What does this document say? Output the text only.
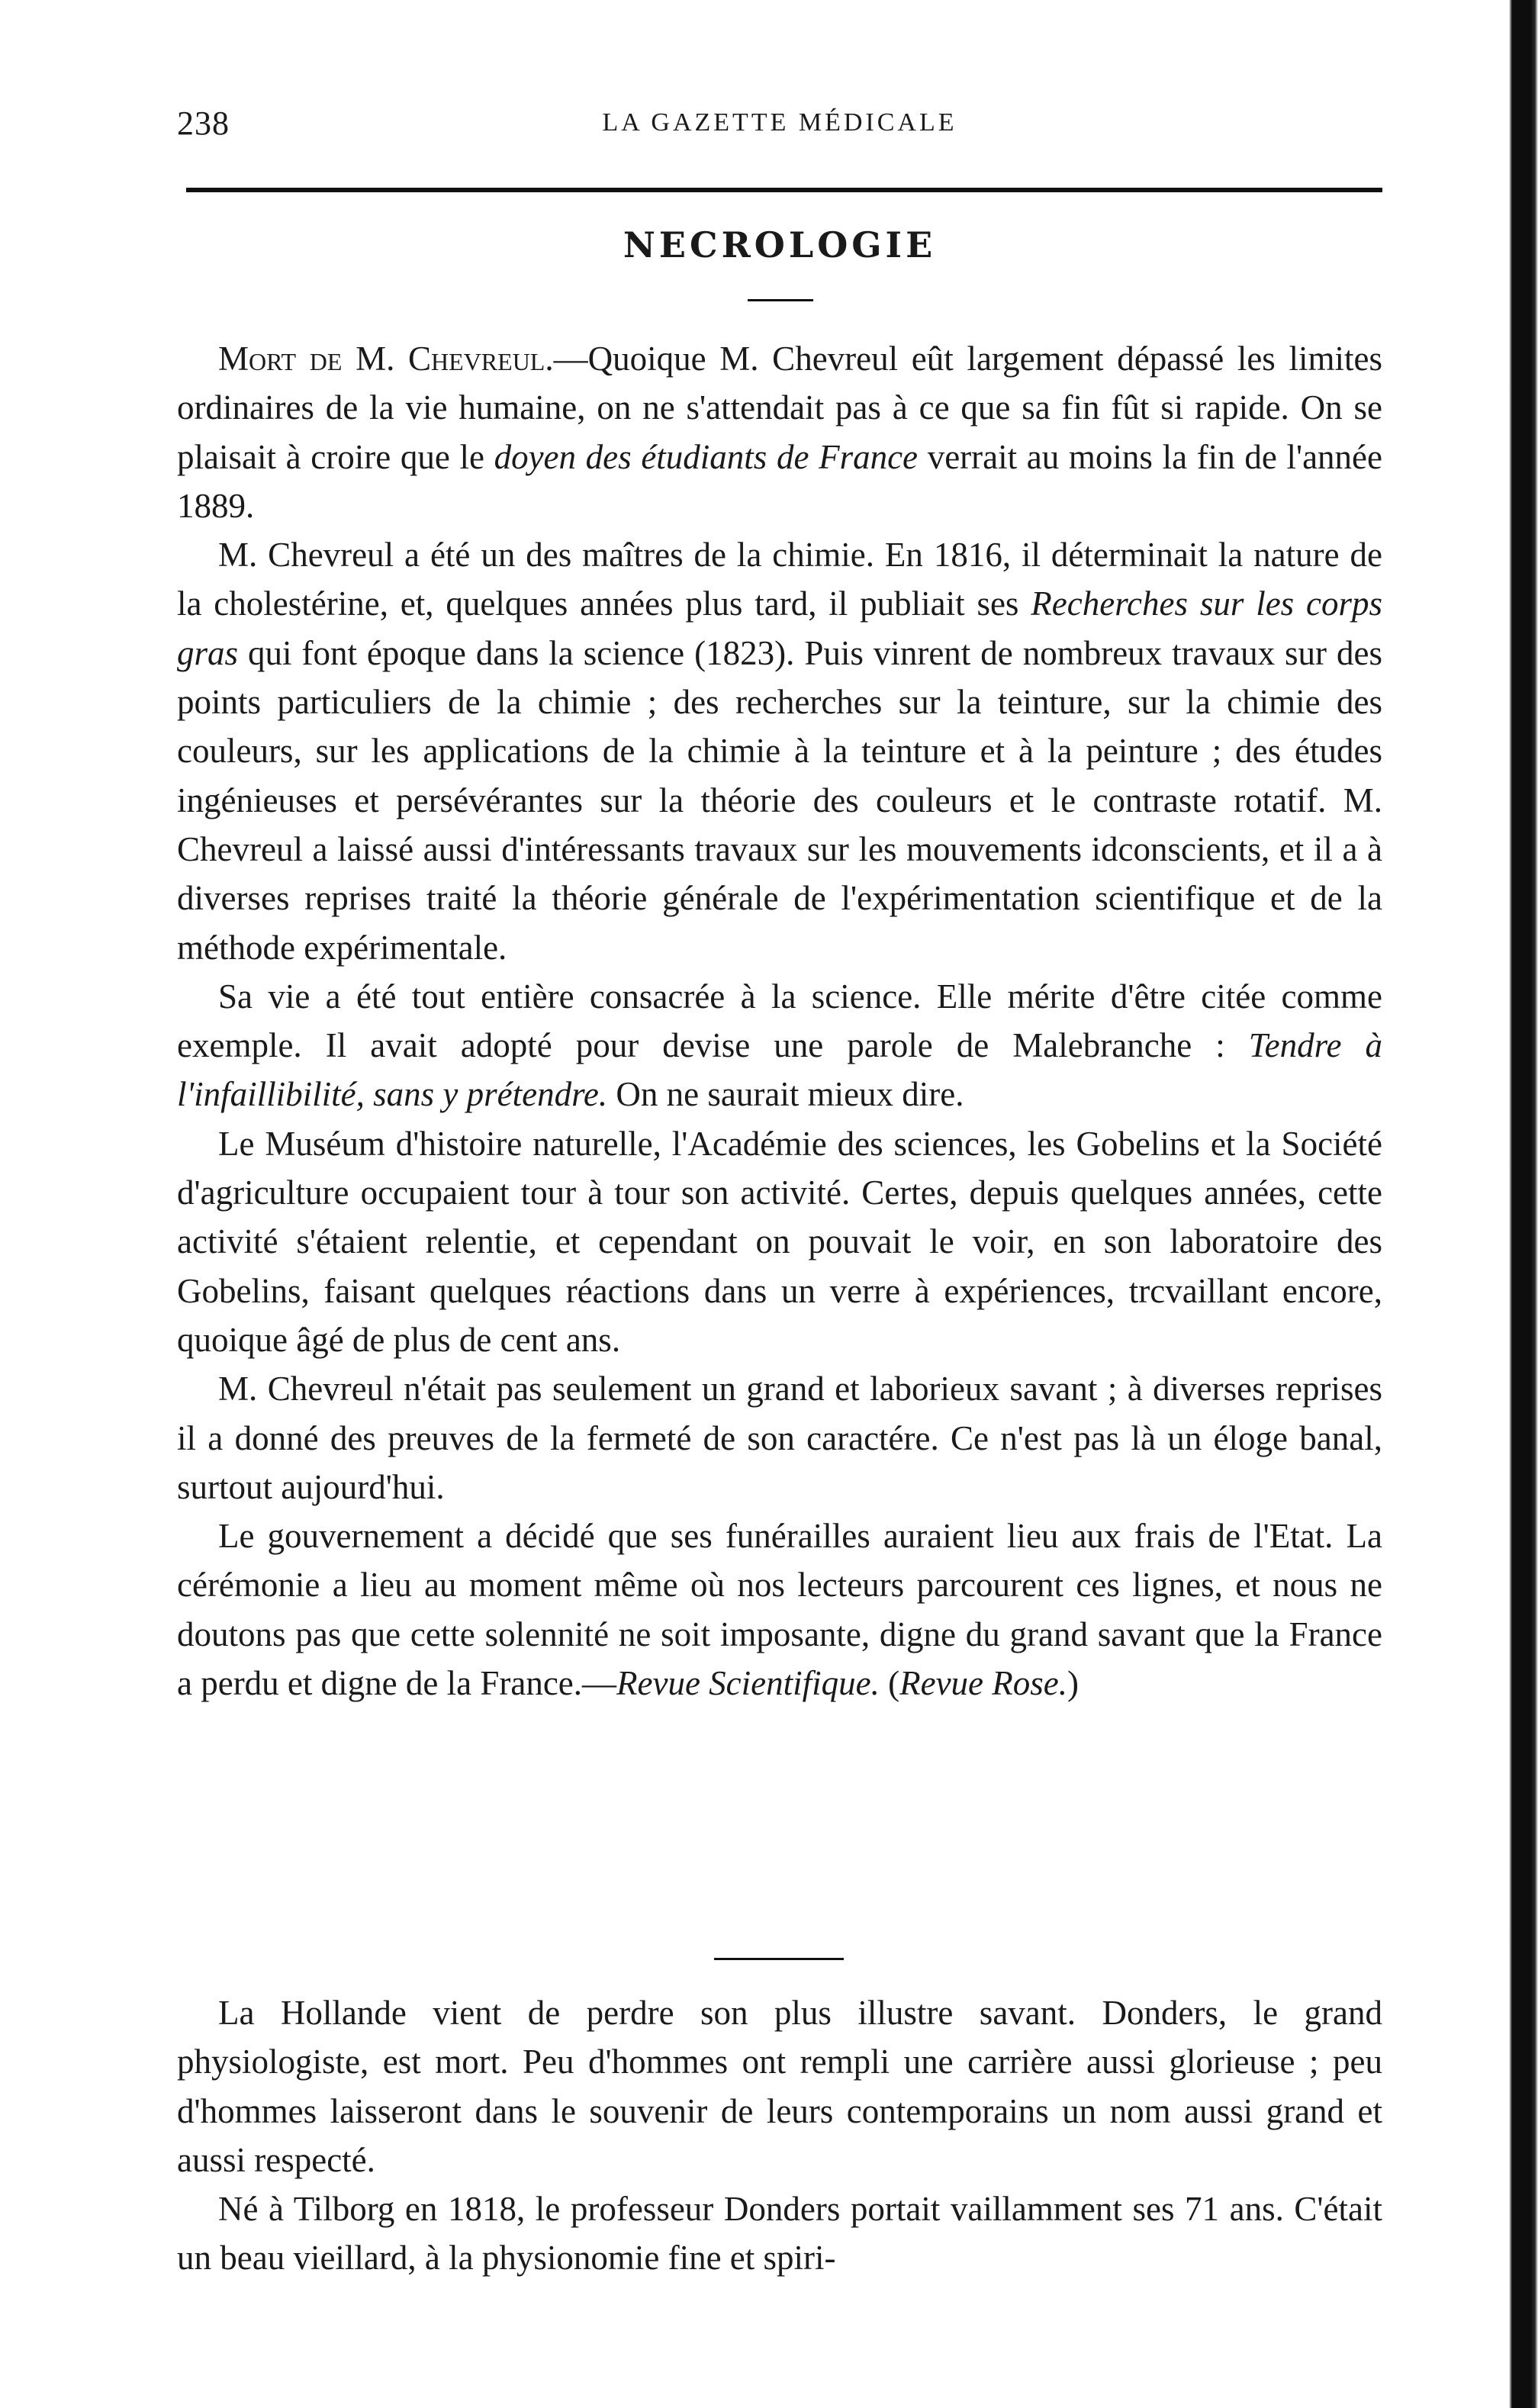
238	LA GAZETTE MÉDICALE
NECROLOGIE

Mort de M. Chevreul.—Quoique M. Chevreul eût largement dépassé les limites ordinaires de la vie humaine, on ne s'attendait pas à ce que sa fin fût si rapide. On se plaisait à croire que le doyen des étudiants de France verrait au moins la fin de l'année 1889.

M. Chevreul a été un des maîtres de la chimie. En 1816, il déterminait la nature de la cholestérine, et, quelques années plus tard, il publiait ses Recherches sur les corps gras qui font époque dans la science (1823). Puis vinrent de nombreux travaux sur des points particuliers de la chimie ; des recherches sur la teinture, sur la chimie des couleurs, sur les applications de la chimie à la teinture et à la peinture ; des études ingénieuses et persévérantes sur la théorie des couleurs et le contraste rotatif. M. Chevreul a laissé aussi d'intéressants travaux sur les mouvements idconscients, et il a à diverses reprises traité la théorie générale de l'expérimentation scientifique et de la méthode expérimentale.

Sa vie a été tout entière consacrée à la science. Elle mérite d'être citée comme exemple. Il avait adopté pour devise une parole de Malebranche : Tendre à l'infaillibilité, sans y prétendre. On ne saurait mieux dire.

Le Muséum d'histoire naturelle, l'Académie des sciences, les Gobelins et la Société d'agriculture occupaient tour à tour son activité. Certes, depuis quelques années, cette activité s'étaient relentie, et cependant on pouvait le voir, en son laboratoire des Gobelins, faisant quelques réactions dans un verre à expériences, trcvaillant encore, quoique âgé de plus de cent ans.

M. Chevreul n'était pas seulement un grand et laborieux savant ; à diverses reprises il a donné des preuves de la fermeté de son caractére. Ce n'est pas là un éloge banal, surtout aujourd'hui.

Le gouvernement a décidé que ses funérailles auraient lieu aux frais de l'Etat. La cérémonie a lieu au moment même où nos lecteurs parcourent ces lignes, et nous ne doutons pas que cette solennité ne soit imposante, digne du grand savant que la France a perdu et digne de la France.—Revue Scientifique. (Revue Rose.)

La Hollande vient de perdre son plus illustre savant. Donders, le grand physiologiste, est mort. Peu d'hommes ont rempli une carrière aussi glorieuse ; peu d'hommes laisseront dans le souvenir de leurs contemporains un nom aussi grand et aussi respecté.

Né à Tilborg en 1818, le professeur Donders portait vaillamment ses 71 ans. C'était un beau vieillard, à la physionomie fine et spiri-
